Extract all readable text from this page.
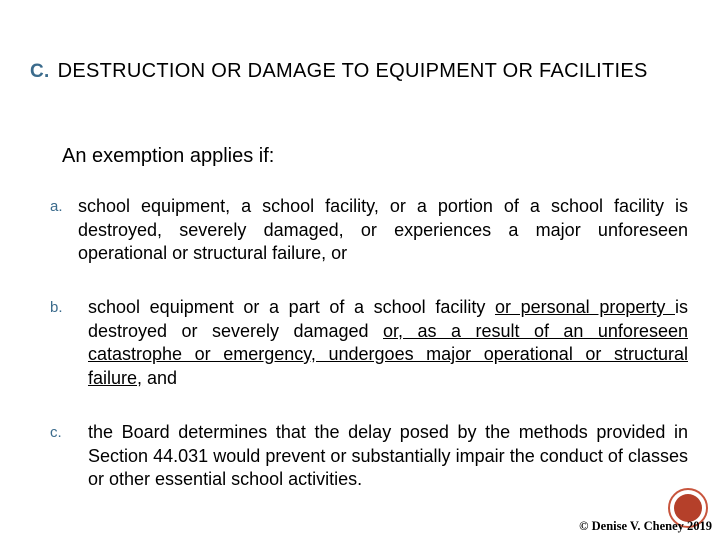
C. DESTRUCTION OR DAMAGE TO EQUIPMENT OR FACILITIES
An exemption applies if:
a. school equipment, a school facility, or a portion of a school facility is destroyed, severely damaged, or experiences a major unforeseen operational or structural failure, or
b. school equipment or a part of a school facility or personal property is destroyed or severely damaged or, as a result of an unforeseen catastrophe or emergency, undergoes major operational or structural failure, and
c. the Board determines that the delay posed by the methods provided in Section 44.031 would prevent or substantially impair the conduct of classes or other essential school activities.
© Denise V. Cheney 2019
